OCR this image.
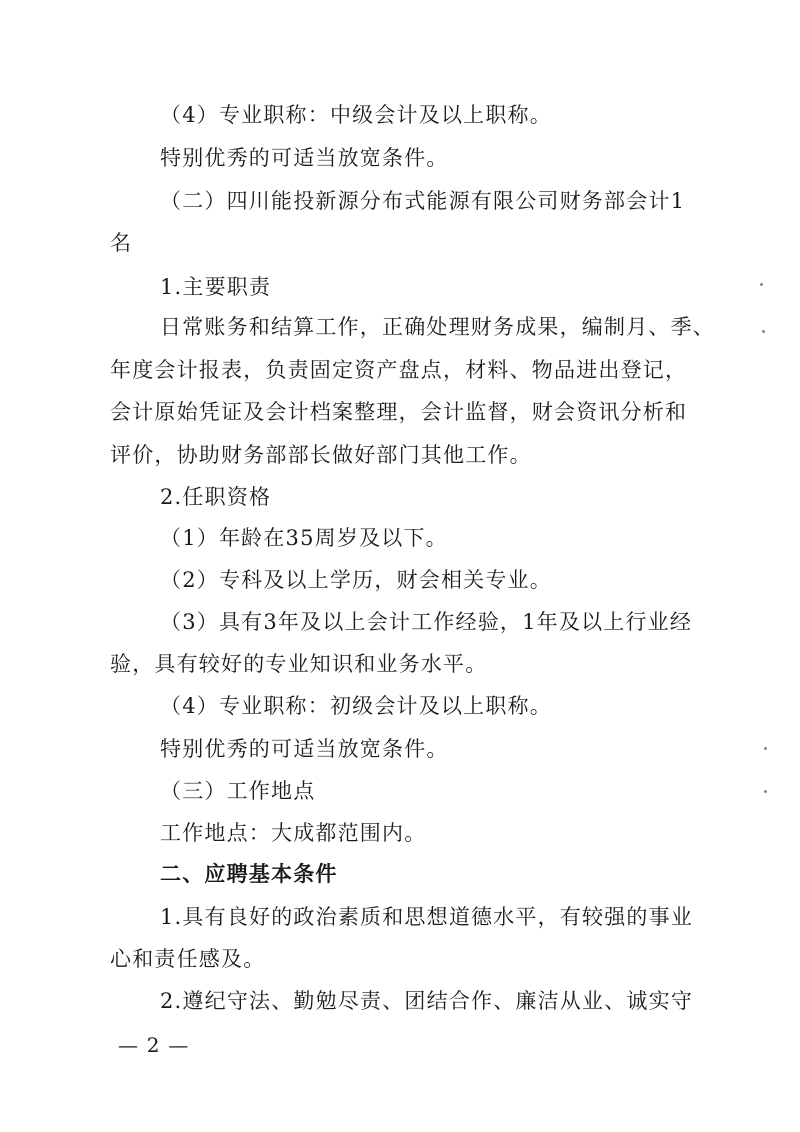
（4）专业职称：中级会计及以上职称。
特别优秀的可适当放宽条件。
（二）四川能投新源分布式能源有限公司财务部会计1
名
1.主要职责
日常账务和结算工作，正确处理财务成果，编制月、季、
年度会计报表，负责固定资产盘点，材料、物品进出登记，
会计原始凭证及会计档案整理，会计监督，财会资讯分析和
评价，协助财务部部长做好部门其他工作。
2.任职资格
（1）年龄在35周岁及以下。
（2）专科及以上学历，财会相关专业。
（3）具有3年及以上会计工作经验，1年及以上行业经
验，具有较好的专业知识和业务水平。
（4）专业职称：初级会计及以上职称。
特别优秀的可适当放宽条件。
（三）工作地点
工作地点：大成都范围内。
二、应聘基本条件
1.具有良好的政治素质和思想道德水平，有较强的事业
心和责任感及。
2.遵纪守法、勤勉尽责、团结合作、廉洁从业、诚实守
— 2 —
